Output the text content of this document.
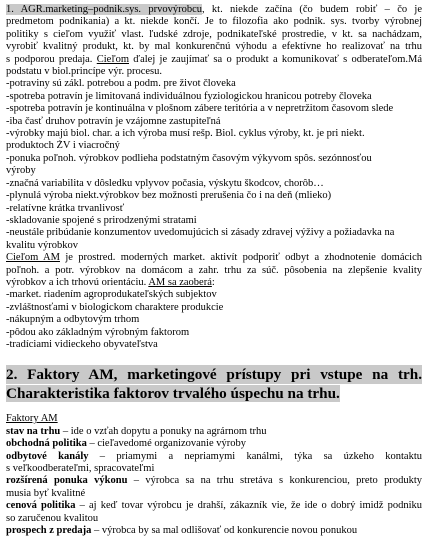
1. AGR.marketing–podnik.sys. prvovýrobcu, kt. niekde začína (čo budem robiť – čo je
predmetom podnikania) a kt. niekde končí. Je to filozofia ako podnik. sys. tvorby výrobnej
politiky s cieľom využiť vlast. ľudské zdroje, podnikateľské prostredie, v kt. sa nachádzam,
vyrobiť kvalitný produkt, kt. by mal konkurenčnú výhodu a efektívne ho realizovať na trhu
s podporou predaja. Cieľom ďalej je zaujímať sa o produkt a komunikovať s odberateľom.Má
podstatu v biol.princípe výr. procesu.
-potraviny sú zákl. potrebou a podm. pre život človeka
-spotreba potravín je limitovaná individuálnou fyziologickou hranicou potreby človeka
-spotreba potravín je kontinuálna v plošnom zábere teritória a v nepretržitom časovom slede
-iba časť druhov potravín je vzájomne zastupiteľná
-výrobky majú biol. char. a ich výroba musí rešp. Biol. cyklus výroby, kt. je pri niekt.
produktoch ŽV i viacročný
-ponuka poľnoh. výrobkov podlieha podstatným časovým výkyvom spôs. sezónnosťou
výroby
-značná variabilita v dôsledku vplyvov počasia, výskytu škodcov, chorôb…
-plynulá výroba niekt.výrobkov bez možnosti prerušenia čo i na deň (mlieko)
-relatívne krátka trvanlivosť
-skladovanie spojené s prirodzenými stratami
-neustále pribúdanie konzumentov uvedomujúcich si zásady zdravej výživy a požiadavka na
kvalitu výrobkov
Cieľom AM je prostred. moderných market. aktivít podporiť odbyt a zhodnotenie domácich
poľnoh. a potr. výrobkov na domácom a zahr. trhu za súč. pôsobenia na zlepšenie kvality
výrobkov a ich trhovú orientáciu. AM sa zaoberá:
-market. riadením agroprodukateľských subjektov
-zvláštnosťami v biologickom charaktere produkcie
-nákupným a odbytovým trhom
-pôdou ako základným výrobným faktorom
-tradíciami vidieckeho obyvateľstva
2. Faktory AM, marketingové prístupy pri vstupe na trh.
Charakteristika faktorov trvalého úspechu na trhu.
Faktory AM
stav na trhu – ide o vzťah dopytu a ponuky na agrárnom trhu
obchodná politika – cieľavedomé organizovanie výroby
odbytové kanály – priamymi a nepriamymi kanálmi, týka sa úzkeho kontaktu
s veľkoodberateľmi, spracovateľmi
rozšírená ponuka výkonu – výrobca sa na trhu stretáva s konkurenciou, preto produkty
musia byť kvalitné
cenová politika – aj keď tovar výrobcu je drahší, zákazník vie, že ide o dobrý imidž podniku
so zaručenou kvalitou
prospech z predaja – výrobca by sa mal odlišovať od konkurencie novou ponukou
